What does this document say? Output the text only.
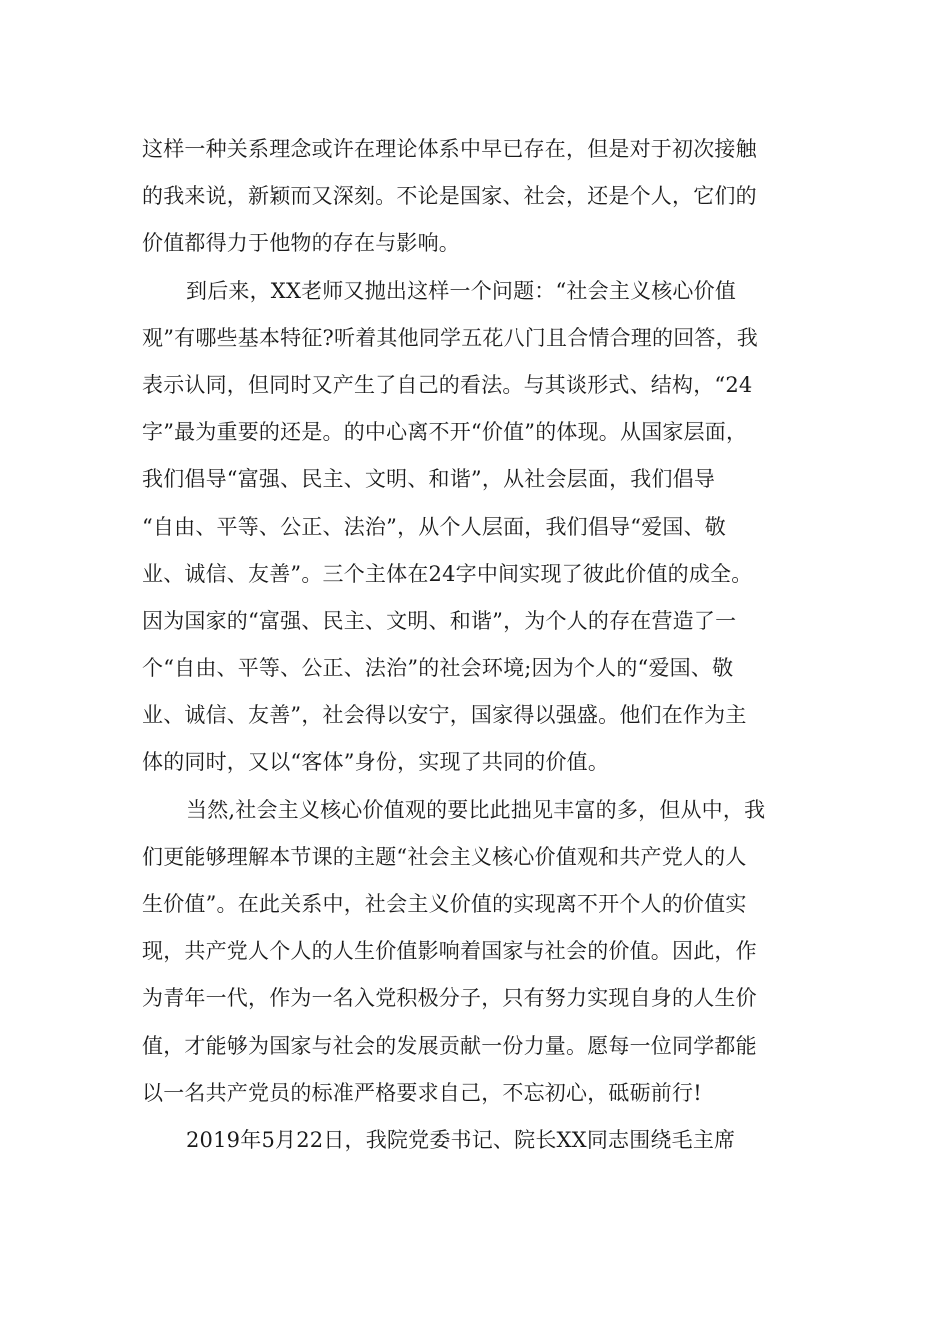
这样一种关系理念或许在理论体系中早已存在，但是对于初次接触
的我来说，新颖而又深刻。不论是国家、社会，还是个人，它们的
价值都得力于他物的存在与影响。
到后来，XX老师又抛出这样一个问题：“社会主义核心价值
观”有哪些基本特征?听着其他同学五花八门且合情合理的回答，我
表示认同，但同时又产生了自己的看法。与其谈形式、结构，“24
字”最为重要的还是。的中心离不开“价值”的体现。从国家层面，
我们倡导“富强、民主、文明、和谐”，从社会层面，我们倡导
“自由、平等、公正、法治”，从个人层面，我们倡导“爱国、敬
业、诚信、友善”。三个主体在24字中间实现了彼此价值的成全。
因为国家的“富强、民主、文明、和谐”，为个人的存在营造了一
个“自由、平等、公正、法治”的社会环境;因为个人的“爱国、敬
业、诚信、友善”，社会得以安宁，国家得以强盛。他们在作为主
体的同时，又以“客体”身份，实现了共同的价值。
当然,社会主义核心价值观的要比此拙见丰富的多，但从中，我
们更能够理解本节课的主题“社会主义核心价值观和共产党人的人
生价值”。在此关系中，社会主义价值的实现离不开个人的价值实
现，共产党人个人的人生价值影响着国家与社会的价值。因此，作
为青年一代，作为一名入党积极分子，只有努力实现自身的人生价
值，才能够为国家与社会的发展贡献一份力量。愿每一位同学都能
以一名共产党员的标准严格要求自己，不忘初心，砥砺前行!
2019年5月22日，我院党委书记、院长XX同志围绕毛主席
